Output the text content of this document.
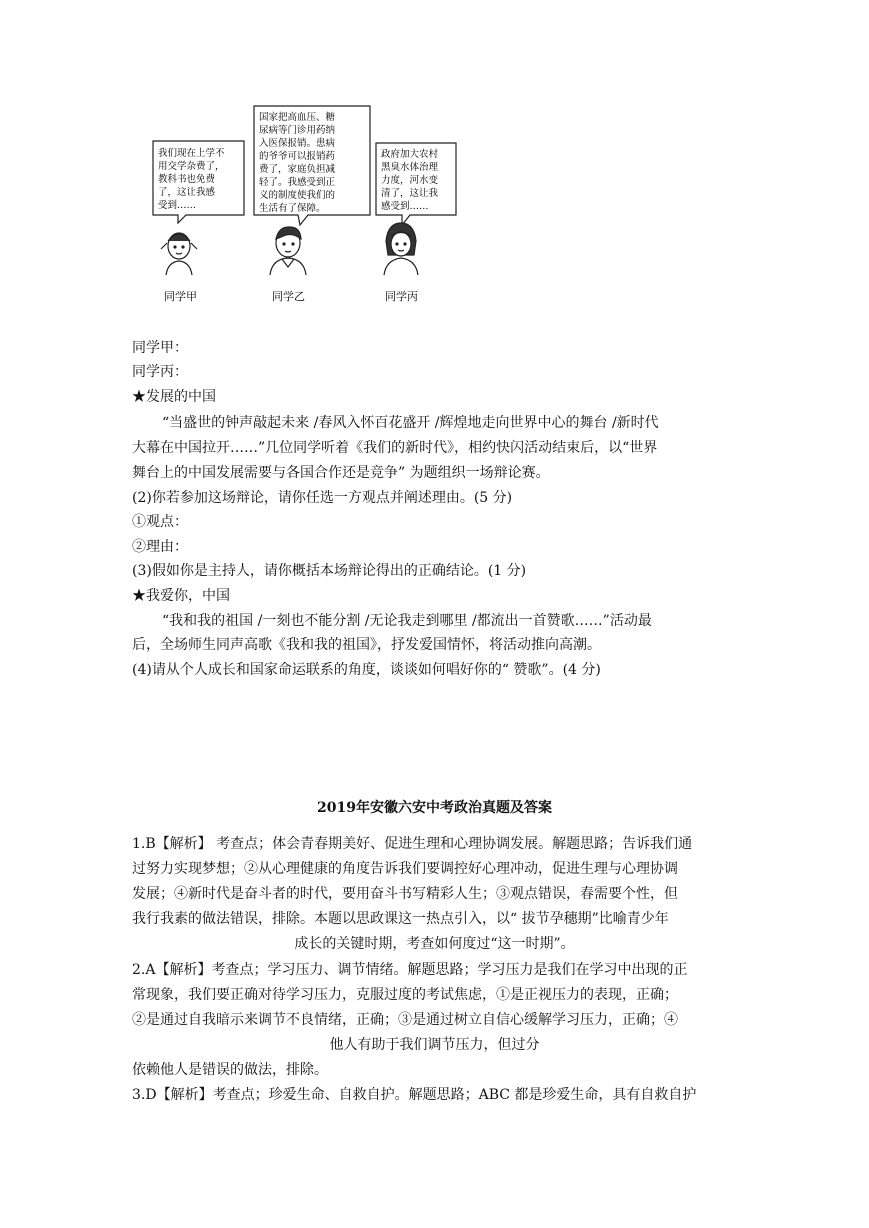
我们现在上学不
用交学杂费了，
教科书也免费
了，这让我感
受到……
国家把高血压、糖
尿病等门诊用药纳
入医保报销。患病
的爷爷可以报销药
费了，家庭负担减
轻了。我感受到正
义的制度使我们的
生活有了保障。
政府加大农村
黑臭水体治理
力度，河水变
清了，这让我
感受到……
同学甲	同学乙	同学丙
同学甲：
同学丙：
★发展的中国
“当盛世的钟声敲起未来 /春风入怀百花盛开 /辉煌地走向世界中心的舞台 /新时代
大幕在中国拉开……”几位同学听着《我们的新时代》，相约快闪活动结束后，以“世界
舞台上的中国发展需要与各国合作还是竞争” 为题组织一场辩论赛。
(2)你若参加这场辩论，请你任选一方观点并阐述理由。(5 分)
①观点：
②理由：
(3)假如你是主持人，请你概括本场辩论得出的正确结论。(1 分)
★我爱你，中国
“我和我的祖国 /一刻也不能分割 /无论我走到哪里 /都流出一首赞歌……”活动最
后，全场师生同声高歌《我和我的祖国》，抒发爱国情怀，将活动推向高潮。
(4)请从个人成长和国家命运联系的角度，谈谈如何唱好你的“ 赞歌”。(4 分)
2019年安徽六安中考政治真题及答案
1.B【解析】 考查点；体会青春期美好、促进生理和心理协调发展。解题思路；告诉我们通
过努力实现梦想；②从心理健康的角度告诉我们要调控好心理冲动，促进生理与心理协调
发展；④新时代是奋斗者的时代，要用奋斗书写精彩人生；③观点错误，春需要个性，但
我行我素的做法错误，排除。本题以思政课这一热点引入，以“ 拔节孕穗期”比喻青少年
成长的关键时期，考查如何度过“这一时期”。
2.A【解析】考查点；学习压力、调节情绪。解题思路；学习压力是我们在学习中出现的正
常现象，我们要正确对待学习压力，克服过度的考试焦虑，①是正视压力的表现，正确；
②是通过自我暗示来调节不良情绪，正确；③是通过树立自信心缓解学习压力，正确；④
他人有助于我们调节压力，但过分
依赖他人是错误的做法，排除。
3.D【解析】考查点；珍爱生命、自救自护。解题思路；ABC 都是珍爱生命，具有自救自护
